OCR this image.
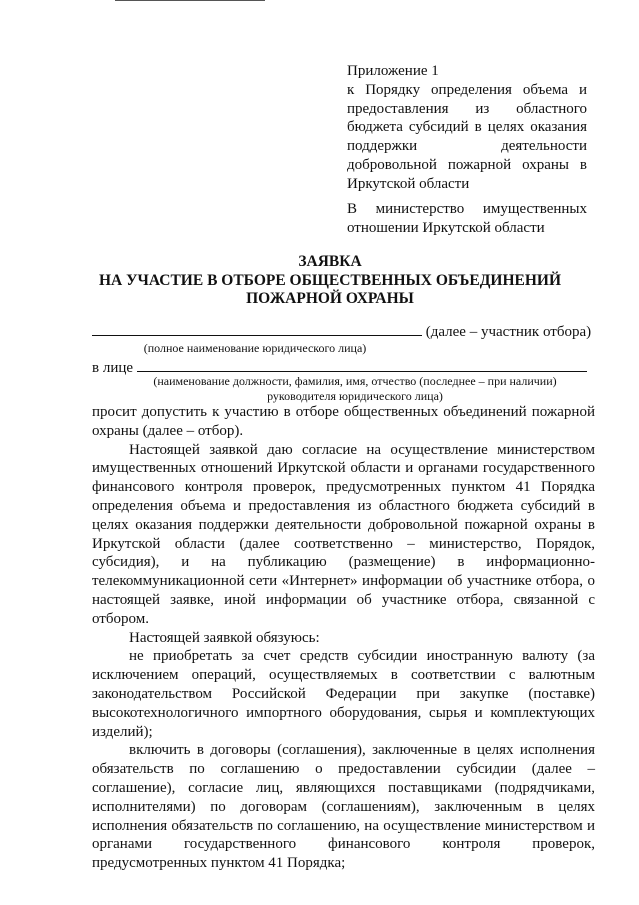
Приложение 1
к Порядку определения объема и предоставления из областного бюджета субсидий в целях оказания поддержки деятельности добровольной пожарной охраны в Иркутской области
В министерство имущественных отношении Иркутской области
ЗАЯВКА
НА УЧАСТИЕ В ОТБОРЕ ОБЩЕСТВЕННЫХ ОБЪЕДИНЕНИЙ
ПОЖАРНОЙ ОХРАНЫ
(далее – участник отбора)
(полное наименование юридического лица)
в лице
(наименование должности, фамилия, имя, отчество (последнее – при наличии)
руководителя юридического лица)

просит допустить к участию в отборе общественных объединений пожарной охраны (далее – отбор).

Настоящей заявкой даю согласие на осуществление министерством имущественных отношений Иркутской области и органами государственного финансового контроля проверок, предусмотренных пунктом 41 Порядка определения объема и предоставления из областного бюджета субсидий в целях оказания поддержки деятельности добровольной пожарной охраны в Иркутской области (далее соответственно – министерство, Порядок, субсидия), и на публикацию (размещение) в информационно-телекоммуникационной сети «Интернет» информации об участнике отбора, о настоящей заявке, иной информации об участнике отбора, связанной с отбором.

Настоящей заявкой обязуюсь:

не приобретать за счет средств субсидии иностранную валюту (за исключением операций, осуществляемых в соответствии с валютным законодательством Российской Федерации при закупке (поставке) высокотехнологичного импортного оборудования, сырья и комплектующих изделий);

включить в договоры (соглашения), заключенные в целях исполнения обязательств по соглашению о предоставлении субсидии (далее – соглашение), согласие лиц, являющихся поставщиками (подрядчиками, исполнителями) по договорам (соглашениям), заключенным в целях исполнения обязательств по соглашению, на осуществление министерством и органами государственного финансового контроля проверок, предусмотренных пунктом 41 Порядка;
